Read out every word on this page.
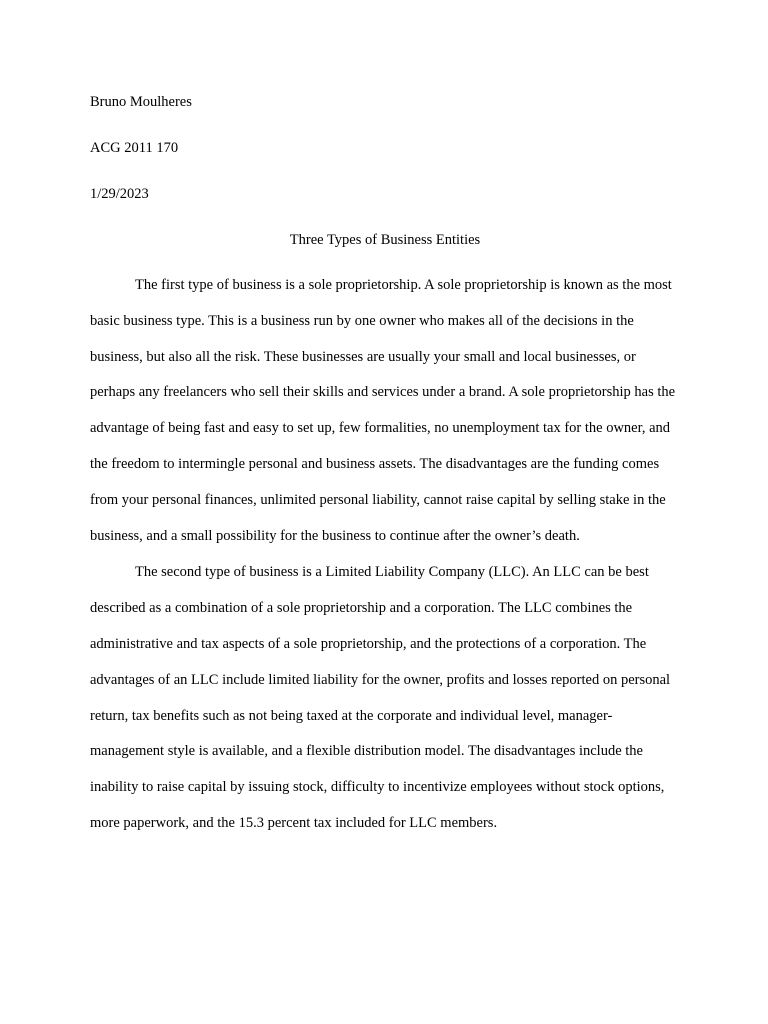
Bruno Moulheres

ACG 2011 170

1/29/2023

Three Types of Business Entities

The first type of business is a sole proprietorship. A sole proprietorship is known as the most basic business type. This is a business run by one owner who makes all of the decisions in the business, but also all the risk. These businesses are usually your small and local businesses, or perhaps any freelancers who sell their skills and services under a brand. A sole proprietorship has the advantage of being fast and easy to set up, few formalities, no unemployment tax for the owner, and the freedom to intermingle personal and business assets. The disadvantages are the funding comes from your personal finances, unlimited personal liability, cannot raise capital by selling stake in the business, and a small possibility for the business to continue after the owner’s death.

The second type of business is a Limited Liability Company (LLC). An LLC can be best described as a combination of a sole proprietorship and a corporation. The LLC combines the administrative and tax aspects of a sole proprietorship, and the protections of a corporation. The advantages of an LLC include limited liability for the owner, profits and losses reported on personal return, tax benefits such as not being taxed at the corporate and individual level, manager-management style is available, and a flexible distribution model. The disadvantages include the inability to raise capital by issuing stock, difficulty to incentivize employees without stock options, more paperwork, and the 15.3 percent tax included for LLC members.
